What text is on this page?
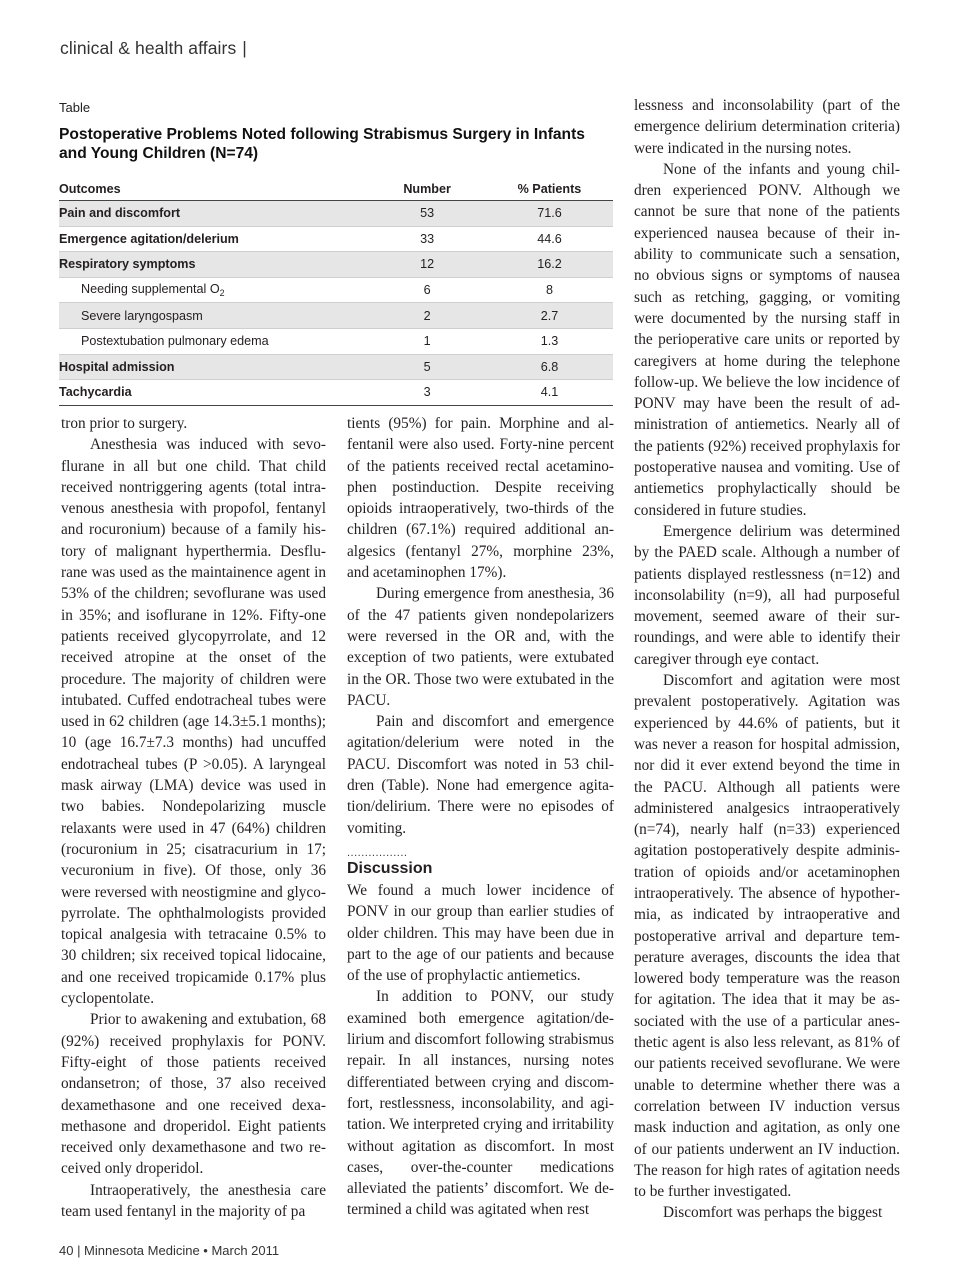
clinical & health affairs |
Table
Postoperative Problems Noted following Strabismus Surgery in Infants and Young Children (N=74)
Outcomes	Number	% Patients
Pain and discomfort	53	71.6
Emergence agitation/delerium	33	44.6
Respiratory symptoms	12	16.2
Needing supplemental $O_2$	6	8
Severe laryngospasm	2	2.7
Postextubation pulmonary edema	1	1.3
Hospital admission	5	6.8
Tachycardia	3	4.1

tron prior to surgery.

Anesthesia was induced with sevoflurane in all but one child. That child received nontriggering agents (total intravenous anesthesia with propofol, fentanyl and rocuronium) because of a family history of malignant hyperthermia. Desflurane was used as the maintainence agent in 53% of the children; sevoflurane was used in 35%; and isoflurane in 12%. Fifty-one patients received glycopyrrolate, and 12 received atropine at the onset of the procedure. The majority of children were intubated. Cuffed endotracheal tubes were used in 62 children (age 14.3±5.1 months); 10 (age 16.7±7.3 months) had uncuffed endotracheal tubes (P >0.05). A laryngeal mask airway (LMA) device was used in two babies. Nondepolarizing muscle relaxants were used in 47 (64%) children (rocuronium in 25; cisatracurium in 17; vecuronium in five). Of those, only 36 were reversed with neostigmine and glycopyrrolate. The ophthalmologists provided topical analgesia with tetracaine 0.5% to 30 children; six received topical lidocaine, and one received tropicamide 0.17% plus cyclopentolate.

Prior to awakening and extubation, 68 (92%) received prophylaxis for PONV. Fifty-eight of those patients received ondansetron; of those, 37 also received dexamethasone and one received dexamethasone and droperidol. Eight patients received only dexamethasone and two received only droperidol.

Intraoperatively, the anesthesia care team used fentanyl in the majority of pa

tients (95%) for pain. Morphine and alfentanil were also used. Forty-nine percent of the patients received rectal acetaminophen postinduction. Despite receiving opioids intraoperatively, two-thirds of the children (67.1%) required additional analgesics (fentanyl 27%, morphine 23%, and acetaminophen 17%).

During emergence from anesthesia, 36 of the 47 patients given nondepolarizers were reversed in the OR and, with the exception of two patients, were extubated in the OR. Those two were extubated in the PACU.

Pain and discomfort and emergence agitation/delerium were noted in the PACU. Discomfort was noted in 53 children (Table). None had emergence agitation/delirium. There were no episodes of vomiting.

.................
Discussion

We found a much lower incidence of PONV in our group than earlier studies of older children. This may have been due in part to the age of our patients and because of the use of prophylactic antiemetics.

In addition to PONV, our study examined both emergence agitation/delirium and discomfort following strabismus repair. In all instances, nursing notes differentiated between crying and discomfort, restlessness, inconsolability, and agitation. We interpreted crying and irritability without agitation as discomfort. In most cases, over-the-counter medications alleviated the patients’ discomfort. We determined a child was agitated when rest

lessness and inconsolability (part of the emergence delirium determination criteria) were indicated in the nursing notes.

None of the infants and young children experienced PONV. Although we cannot be sure that none of the patients experienced nausea because of their inability to communicate such a sensation, no obvious signs or symptoms of nausea such as retching, gagging, or vomiting were documented by the nursing staff in the perioperative care units or reported by caregivers at home during the telephone follow-up. We believe the low incidence of PONV may have been the result of administration of antiemetics. Nearly all of the patients (92%) received prophylaxis for postoperative nausea and vomiting. Use of antiemetics prophylactically should be considered in future studies.

Emergence delirium was determined by the PAED scale. Although a number of patients displayed restlessness (n=12) and inconsolability (n=9), all had purposeful movement, seemed aware of their surroundings, and were able to identify their caregiver through eye contact.

Discomfort and agitation were most prevalent postoperatively. Agitation was experienced by 44.6% of patients, but it was never a reason for hospital admission, nor did it ever extend beyond the time in the PACU. Although all patients were administered analgesics intraoperatively (n=74), nearly half (n=33) experienced agitation postoperatively despite administration of opioids and/or acetaminophen intraoperatively. The absence of hypothermia, as indicated by intraoperative and postoperative arrival and departure temperature averages, discounts the idea that lowered body temperature was the reason for agitation. The idea that it may be associated with the use of a particular anesthetic agent is also less relevant, as 81% of our patients received sevoflurane. We were unable to determine whether there was a correlation between IV induction versus mask induction and agitation, as only one of our patients underwent an IV induction. The reason for high rates of agitation needs to be further investigated.

Discomfort was perhaps the biggest

40 | Minnesota Medicine • March 2011
